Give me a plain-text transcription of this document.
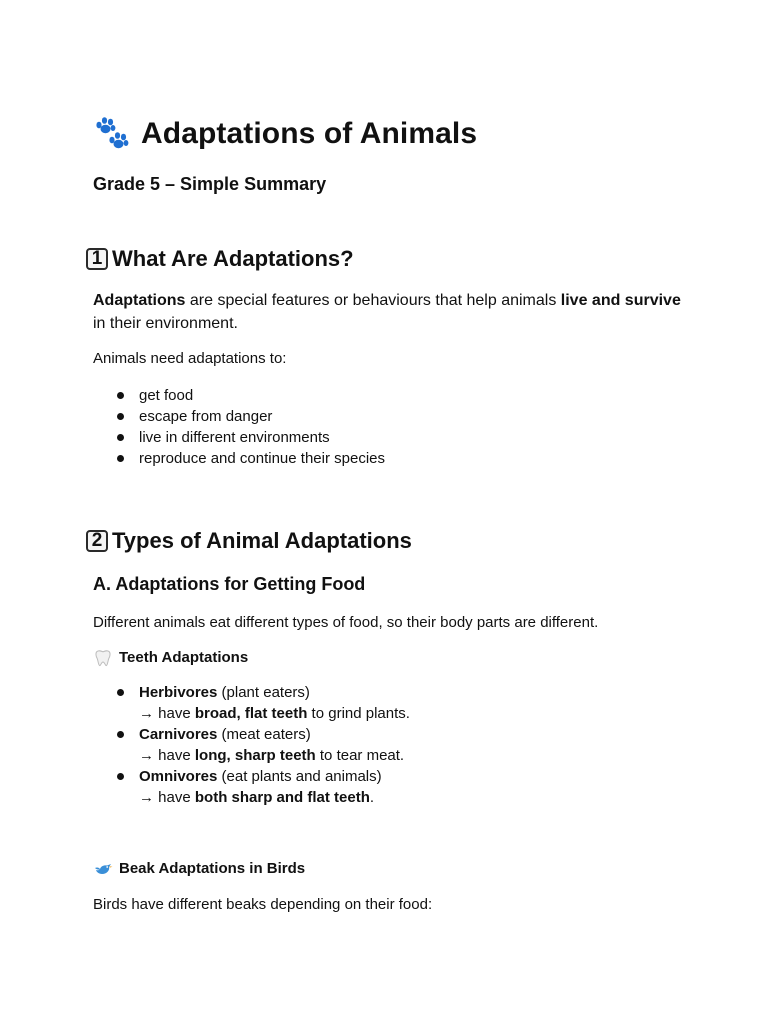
Adaptations of Animals

Grade 5 – Simple Summary

1 What Are Adaptations?

Adaptations are special features or behaviours that help animals live and survive in their environment.

Animals need adaptations to:

get food
escape from danger
live in different environments
reproduce and continue their species
2 Types of Animal Adaptations
A. Adaptations for Getting Food

Different animals eat different types of food, so their body parts are different.

Teeth Adaptations
Herbivores (plant eaters)
→ have broad, flat teeth to grind plants.
Carnivores (meat eaters)
→ have long, sharp teeth to tear meat.
Omnivores (eat plants and animals)
→ have both sharp and flat teeth.
Beak Adaptations in Birds

Birds have different beaks depending on their food:
